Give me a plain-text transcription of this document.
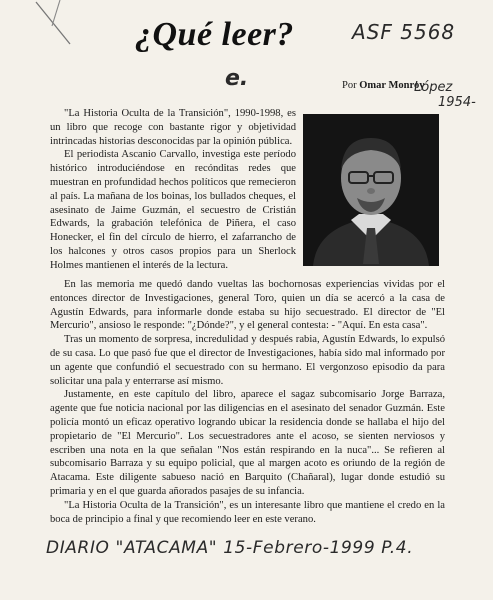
¿Qué leer?	ASF 5568
e.	Por Omar Monroy
López
1954-

"La Historia Oculta de la Transición", 1990-1998, es un libro que recoge con bastante rigor y objetividad intrincadas historias desconocidas par la opinión pública.

El periodista Ascanio Carvallo, investiga este período histórico introduciéndose en recónditas redes que muestran en profundidad hechos políticos que remecieron al país. La mañana de los boinas, los bullados cheques, el asesinato de Jaime Guzmán, el secuestro de Cristián Edwards, la grabación telefónica de Piñera, el caso Honecker, el fin del círculo de hierro, el zafarrancho de los halcones y otros casos propios para un Sherlock Holmes mantienen el interés de la lectura.

En las memoria me quedó dando vueltas las bochornosas experiencias vividas por el entonces director de Investigaciones, general Toro, quien un día se acercó a la casa de Agustín Edwards, para informarle donde estaba su hijo secuestrado. El director de "El Mercurio", ansioso le responde: "¿Dónde?", y el general contesta: - "Aquí. En esta casa".

Tras un momento de sorpresa, incredulidad y después rabia, Agustín Edwards, lo expulsó de su casa. Lo que pasó fue que el director de Investigaciones, había sido mal informado por un agente que confundió el secuestrado con su hermano. El vergonzoso episodio da para solicitar una pala y enterrarse así mismo.

Justamente, en este capítulo del libro, aparece el sagaz subcomisario Jorge Barraza, agente que fue noticia nacional por las diligencias en el asesinato del senador Guzmán. Este policía montó un eficaz operativo logrando ubicar la residencia donde se hallaba el hijo del propietario de "El Mercurio". Los secuestradores ante el acoso, se sienten nerviosos y escriben una nota en la que señalan "Nos están respirando en la nuca"... Se refieren al subcomisario Barraza y su equipo policial, que al margen acoto es oriundo de la región de Atacama. Este diligente sabueso nació en Barquito (Chañaral), lugar donde estudió su primaria y en el que guarda añorados pasajes de su infancia.

"La Historia Oculta de la Transición", es un interesante libro que mantiene el credo en la boca de principio a final y que recomiendo leer en este verano.

DIARIO "ATACAMA" 15-Febrero-1999 P.4.
